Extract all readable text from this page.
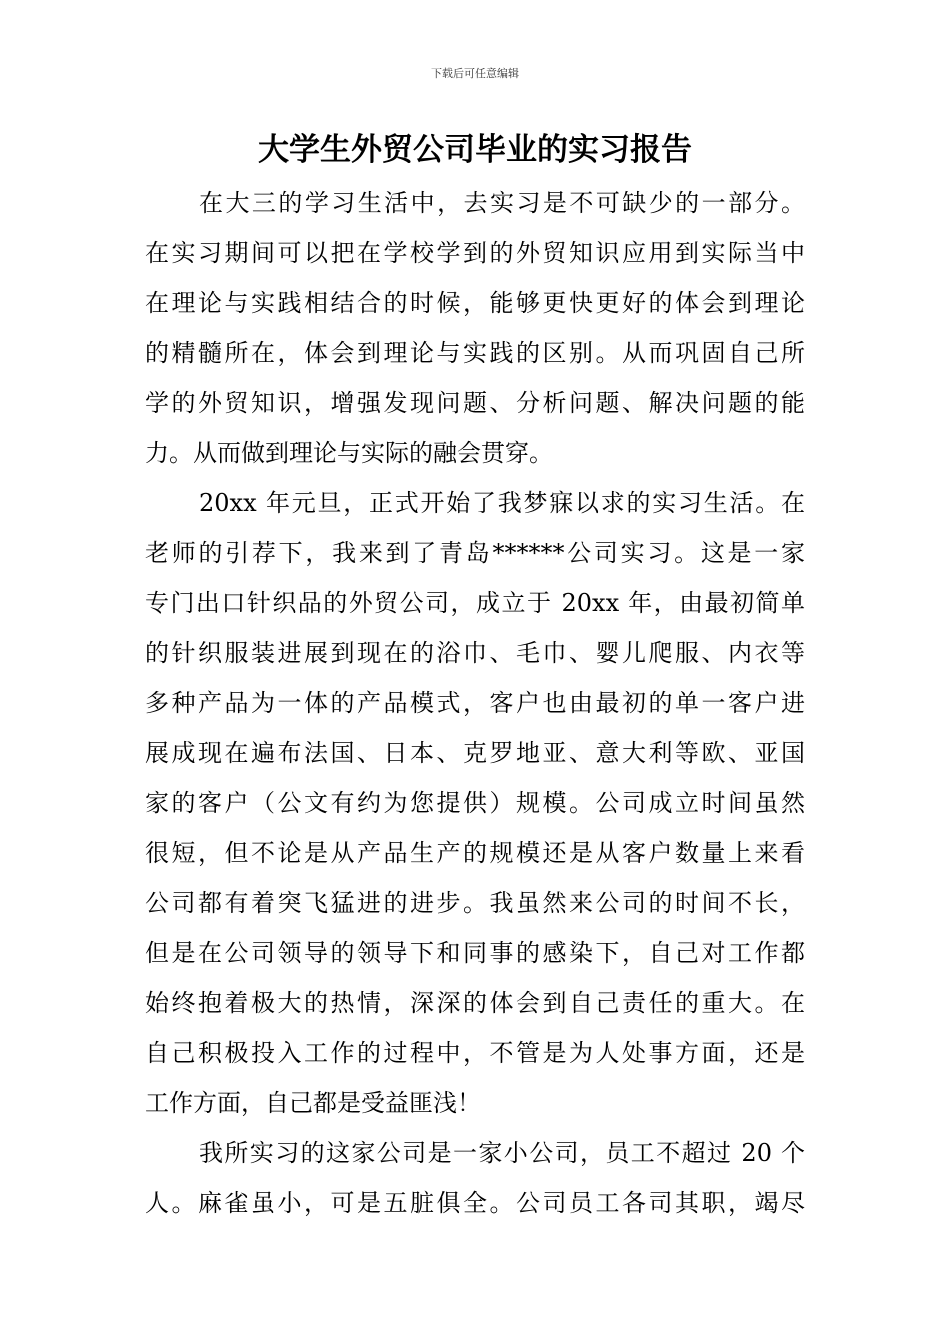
下载后可任意编辑
大学生外贸公司毕业的实习报告
在大三的学习生活中，去实习是不可缺少的一部分。
在实习期间可以把在学校学到的外贸知识应用到实际当中
在理论与实践相结合的时候，能够更快更好的体会到理论
的精髓所在，体会到理论与实践的区别。从而巩固自己所
学的外贸知识，增强发现问题、分析问题、解决问题的能
力。从而做到理论与实际的融会贯穿。
20xx 年元旦，正式开始了我梦寐以求的实习生活。在
老师的引荐下，我来到了青岛******公司实习。这是一家
专门出口针织品的外贸公司，成立于 20xx 年，由最初简单
的针织服装进展到现在的浴巾、毛巾、婴儿爬服、内衣等
多种产品为一体的产品模式，客户也由最初的单一客户进
展成现在遍布法国、日本、克罗地亚、意大利等欧、亚国
家的客户（公文有约为您提供）规模。公司成立时间虽然
很短，但不论是从产品生产的规模还是从客户数量上来看
公司都有着突飞猛进的进步。我虽然来公司的时间不长，
但是在公司领导的领导下和同事的感染下，自己对工作都
始终抱着极大的热情，深深的体会到自己责任的重大。在
自己积极投入工作的过程中，不管是为人处事方面，还是
工作方面，自己都是受益匪浅！
我所实习的这家公司是一家小公司，员工不超过 20 个
人。麻雀虽小，可是五脏俱全。公司员工各司其职，竭尽
